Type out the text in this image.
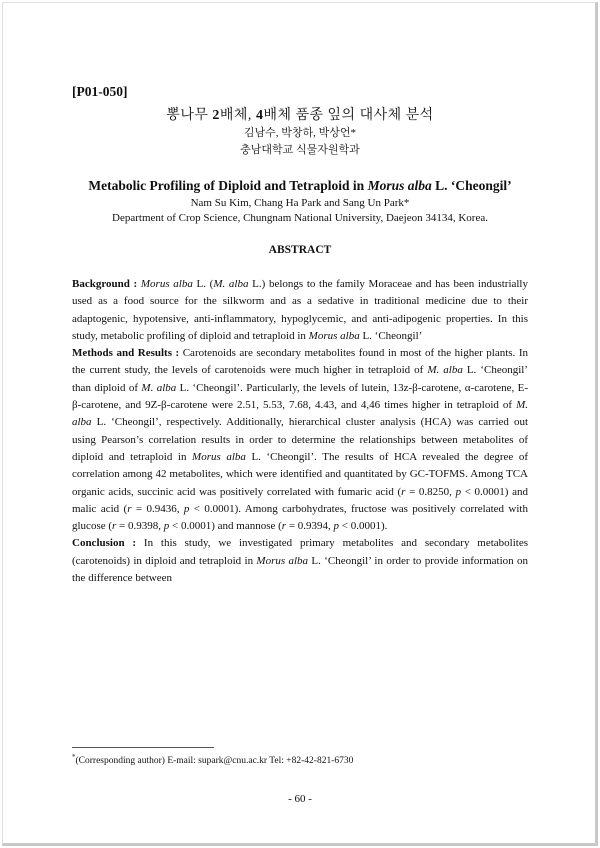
[P01-050]
뽕나무 2배체, 4배체 품종 잎의 대사체 분석
김남수, 박창하, 박상언*
충남대학교 식물자원학과
Metabolic Profiling of Diploid and Tetraploid in Morus alba L. ‘Cheongil’
Nam Su Kim, Chang Ha Park and Sang Un Park*
Department of Crop Science, Chungnam National University, Daejeon 34134, Korea.
ABSTRACT

Background : Morus alba L. (M. alba L.) belongs to the family Moraceae and has been industrially used as a food source for the silkworm and as a sedative in traditional medicine due to their adaptogenic, hypotensive, anti-inflammatory, hypoglycemic, and anti-adipogenic properties. In this study, metabolic profiling of diploid and tetraploid in Morus alba L. ‘Cheongil’

Methods and Results : Carotenoids are secondary metabolites found in most of the higher plants. In the current study, the levels of carotenoids were much higher in tetraploid of M. alba L. ‘Cheongil’ than diploid of M. alba L. ‘Cheongil’. Particularly, the levels of lutein, 13z-β-carotene, α-carotene, E-β-carotene, and 9Z-β-carotene were 2.51, 5.53, 7.68, 4.43, and 4,46 times higher in tetraploid of M. alba L. ‘Cheongil’, respectively. Additionally, hierarchical cluster analysis (HCA) was carried out using Pearson’s correlation results in order to determine the relationships between metabolites of diploid and tetraploid in Morus alba L. ‘Cheongil’. The results of HCA revealed the degree of correlation among 42 metabolites, which were identified and quantitated by GC-TOFMS. Among TCA organic acids, succinic acid was positively correlated with fumaric acid (r = 0.8250, p < 0.0001) and malic acid (r = 0.9436, p < 0.0001). Among carbohydrates, fructose was positively correlated with glucose (r = 0.9398, p < 0.0001) and mannose (r = 0.9394, p < 0.0001).

Conclusion : In this study, we investigated primary metabolites and secondary metabolites (carotenoids) in diploid and tetraploid in Morus alba L. ‘Cheongil’ in order to provide information on the difference between

*(Corresponding author) E-mail: supark@cnu.ac.kr Tel: +82-42-821-6730
- 60 -
